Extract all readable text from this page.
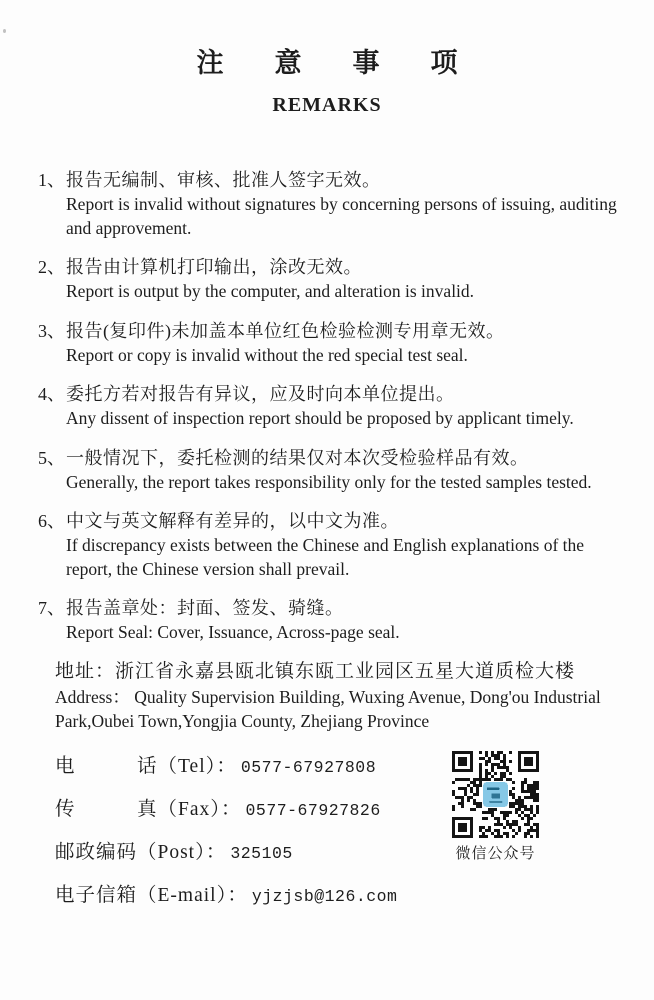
注意事项
REMARKS
1、 报告无编制、审核、批准人签字无效。
Report is invalid without signatures by concerning persons of issuing, auditing and approvement.
2、 报告由计算机打印输出，涂改无效。
Report is output by the computer, and alteration is invalid.
3、 报告(复印件)未加盖本单位红色检验检测专用章无效。
Report or copy is invalid without the red special test seal.
4、 委托方若对报告有异议，应及时向本单位提出。
Any dissent of inspection report should be proposed by applicant timely.
5、 一般情况下，委托检测的结果仅对本次受检验样品有效。
Generally, the report takes responsibility only for the tested samples tested.
6、 中文与英文解释有差异的，以中文为准。
If discrepancy exists between the Chinese and English explanations of the report, the Chinese version shall prevail.
7、 报告盖章处：封面、签发、骑缝。
Report Seal: Cover, Issuance, Across-page seal.
地址：浙江省永嘉县瓯北镇东瓯工业园区五星大道质检大楼
Address： Quality Supervision Building, Wuxing Avenue, Dong'ou Industrial Park,Oubei Town,Yongjia County, Zhejiang Province
电　　　话（Tel）： 0577-67927808
传　　　真（Fax）： 0577-67927826
邮政编码（Post）： 325105
电子信箱（E-mail）： yjzjsb@126.com
微信公众号
